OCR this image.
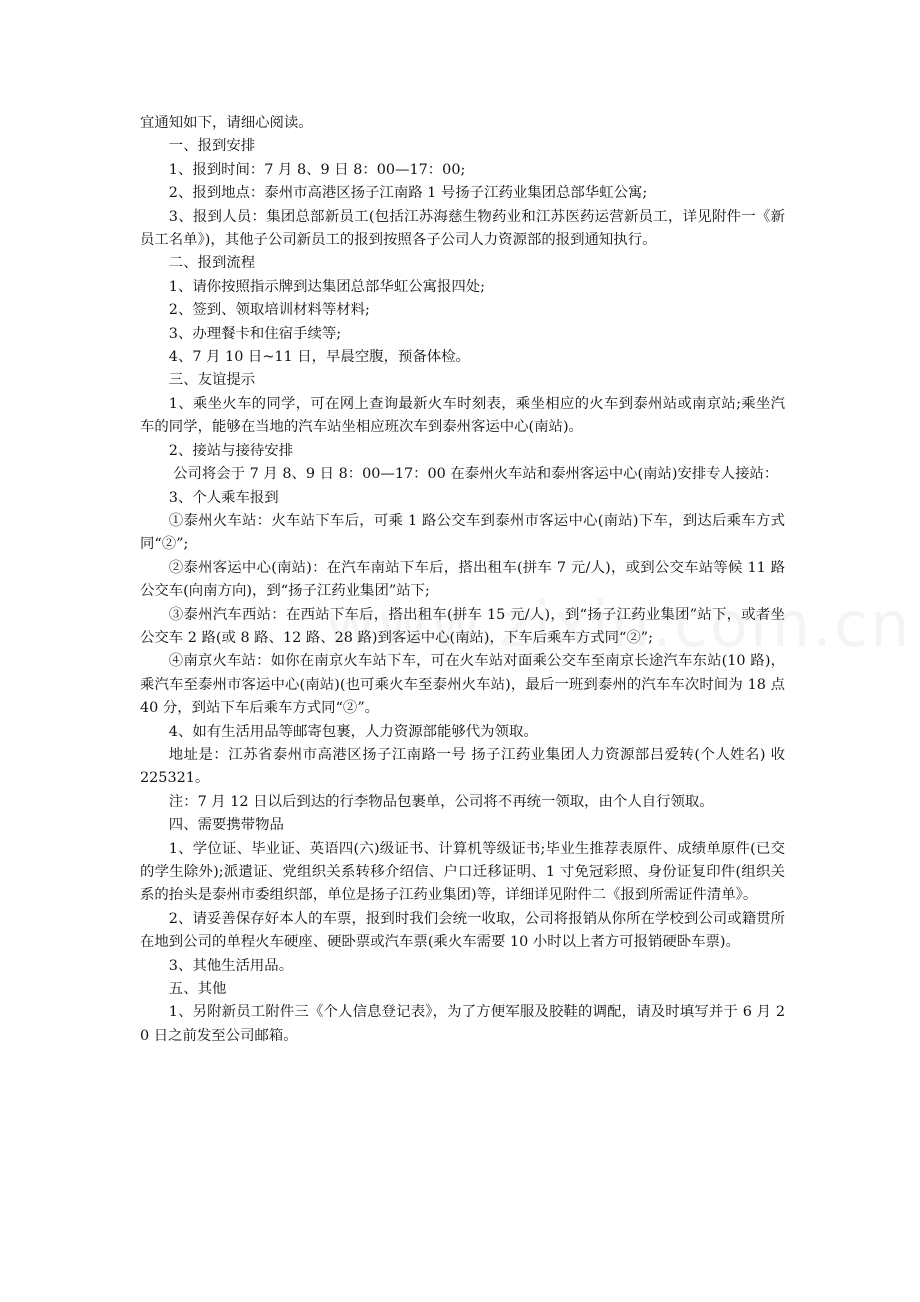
宜通知如下，请细心阅读。

一、报到安排

1、报到时间：7 月 8、9 日 8：00—17：00;

2、报到地点：泰州市高港区扬子江南路 1 号扬子江药业集团总部华虹公寓;

3、报到人员：集团总部新员工(包括江苏海慈生物药业和江苏医药运营新员工，详见附件一《新员工名单》)，其他子公司新员工的报到按照各子公司人力资源部的报到通知执行。

二、报到流程

1、请你按照指示牌到达集团总部华虹公寓报四处;

2、签到、领取培训材料等材料;

3、办理餐卡和住宿手续等;

4、7 月 10 日~11 日，早晨空腹，预备体检。

三、友谊提示

1、乘坐火车的同学，可在网上查询最新火车时刻表，乘坐相应的火车到泰州站或南京站;乘坐汽车的同学，能够在当地的汽车站坐相应班次车到泰州客运中心(南站)。

2、接站与接待安排

公司将会于 7 月 8、9 日 8：00—17：00 在泰州火车站和泰州客运中心(南站)安排专人接站：

3、个人乘车报到

①泰州火车站：火车站下车后，可乘 1 路公交车到泰州市客运中心(南站)下车，到达后乘车方式同“②”;

②泰州客运中心(南站)：在汽车南站下车后，搭出租车(拼车 7 元/人)，或到公交车站等候 11 路公交车(向南方向)，到“扬子江药业集团”站下;

③泰州汽车西站：在西站下车后，搭出租车(拼车 15 元/人)，到“扬子江药业集团”站下，或者坐公交车 2 路(或 8 路、12 路、28 路)到客运中心(南站)，下车后乘车方式同“②”;

④南京火车站：如你在南京火车站下车，可在火车站对面乘公交车至南京长途汽车东站(10 路)，乘汽车至泰州市客运中心(南站)(也可乘火车至泰州火车站)，最后一班到泰州的汽车车次时间为 18 点 40 分，到站下车后乘车方式同“②”。

4、如有生活用品等邮寄包裹，人力资源部能够代为领取。

地址是：江苏省泰州市高港区扬子江南路一号 扬子江药业集团人力资源部吕爱转(个人姓名) 收　225321。

注：7 月 12 日以后到达的行李物品包裹单，公司将不再统一领取，由个人自行领取。

四、需要携带物品

1、学位证、毕业证、英语四(六)级证书、计算机等级证书;毕业生推荐表原件、成绩单原件(已交的学生除外);派遣证、党组织关系转移介绍信、户口迁移证明、1 寸免冠彩照、身份证复印件(组织关系的抬头是泰州市委组织部，单位是扬子江药业集团)等，详细详见附件二《报到所需证件清单》。

2、请妥善保存好本人的车票，报到时我们会统一收取，公司将报销从你所在学校到公司或籍贯所在地到公司的单程火车硬座、硬卧票或汽车票(乘火车需要 10 小时以上者方可报销硬卧车票)。

3、其他生活用品。

五、其他

1、另附新员工附件三《个人信息登记表》，为了方便军服及胶鞋的调配，请及时填写并于 6 月 20 日之前发至公司邮箱。
